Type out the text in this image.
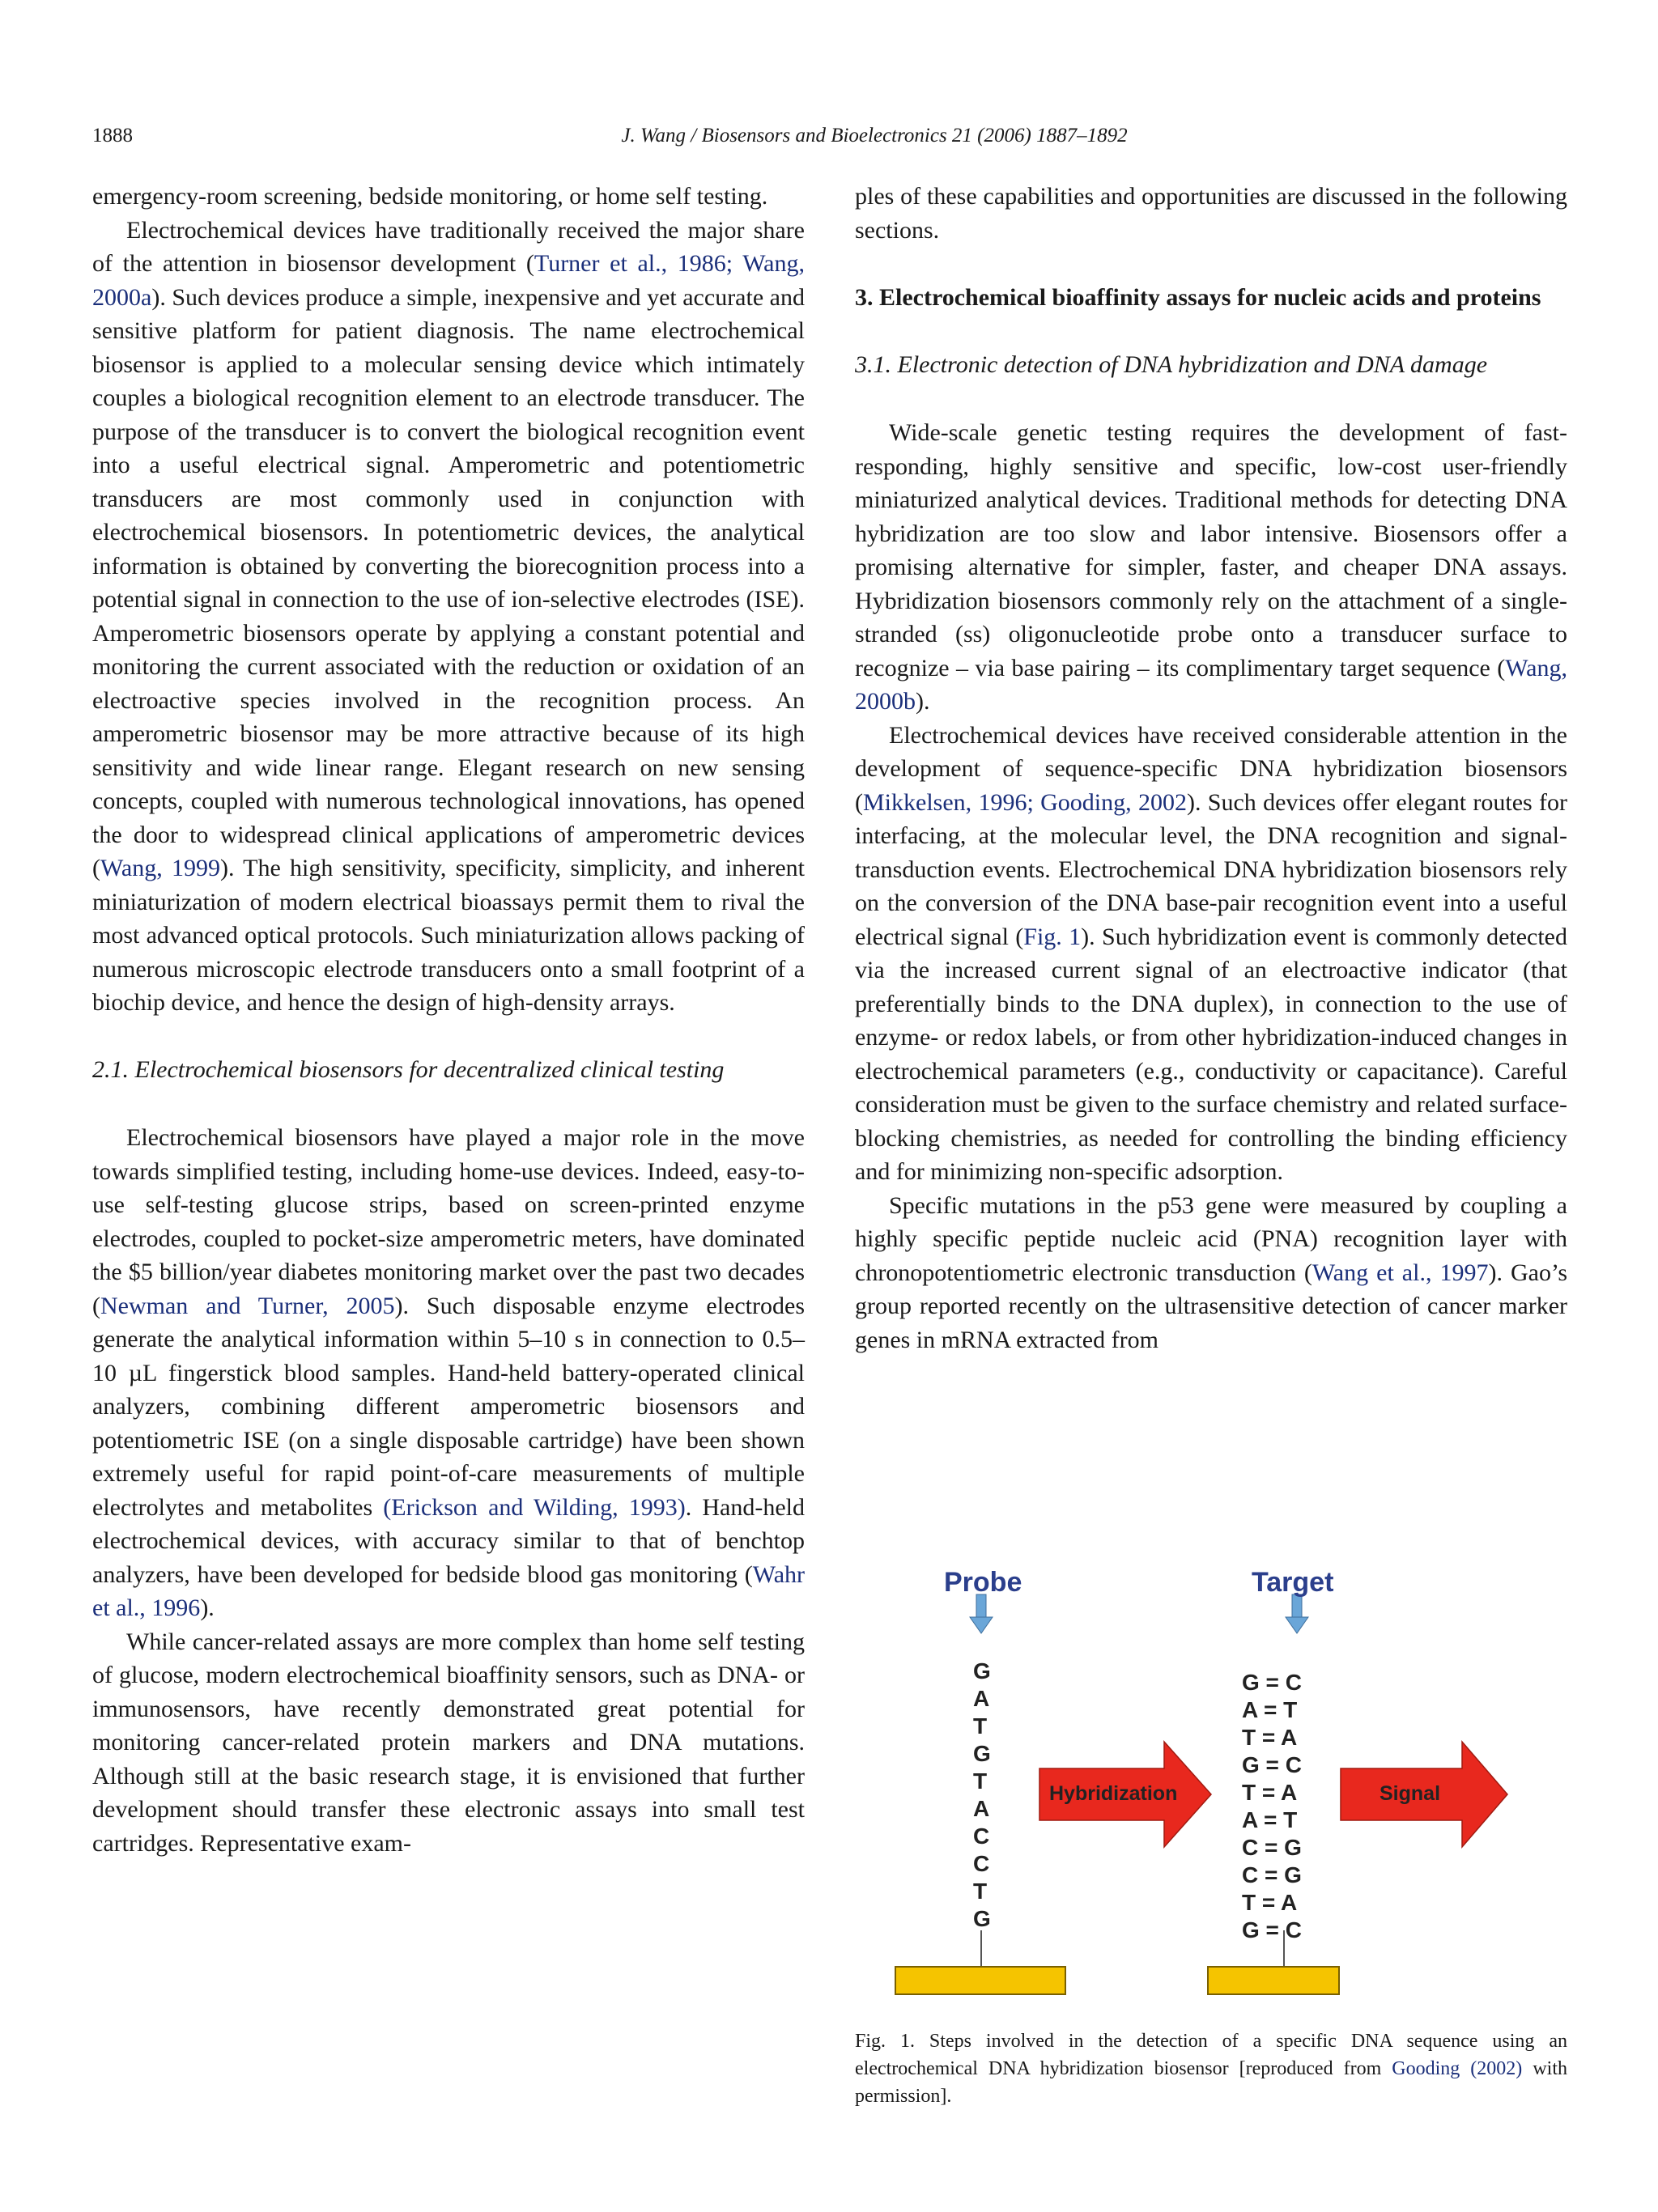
1888	J. Wang / Biosensors and Bioelectronics 21 (2006) 1887–1892

emergency-room screening, bedside monitoring, or home self testing.

Electrochemical devices have traditionally received the major share of the attention in biosensor development (Turner et al., 1986; Wang, 2000a). Such devices produce a simple, inexpensive and yet accurate and sensitive platform for patient diagnosis. The name electrochemical biosensor is applied to a molecular sensing device which intimately couples a biological recognition element to an electrode transducer. The purpose of the transducer is to convert the biological recognition event into a useful electrical signal. Amperometric and potentiometric transducers are most commonly used in conjunction with electrochemical biosensors. In potentiometric devices, the analytical information is obtained by converting the biorecognition process into a potential signal in connection to the use of ion-selective electrodes (ISE). Amperometric biosensors operate by applying a constant potential and monitoring the current associated with the reduction or oxidation of an electroactive species involved in the recognition process. An amperometric biosensor may be more attractive because of its high sensitivity and wide linear range. Elegant research on new sensing concepts, coupled with numerous technological innovations, has opened the door to widespread clinical applications of amperometric devices (Wang, 1999). The high sensitivity, specificity, simplicity, and inherent miniaturization of modern electrical bioassays permit them to rival the most advanced optical protocols. Such miniaturization allows packing of numerous microscopic electrode transducers onto a small footprint of a biochip device, and hence the design of high-density arrays.

2.1. Electrochemical biosensors for decentralized clinical testing

Electrochemical biosensors have played a major role in the move towards simplified testing, including home-use devices. Indeed, easy-to-use self-testing glucose strips, based on screen-printed enzyme electrodes, coupled to pocket-size amperometric meters, have dominated the $5 billion/year diabetes monitoring market over the past two decades (Newman and Turner, 2005). Such disposable enzyme electrodes generate the analytical information within 5–10 s in connection to 0.5–10 µL fingerstick blood samples. Hand-held battery-operated clinical analyzers, combining different amperometric biosensors and potentiometric ISE (on a single disposable cartridge) have been shown extremely useful for rapid point-of-care measurements of multiple electrolytes and metabolites (Erickson and Wilding, 1993). Hand-held electrochemical devices, with accuracy similar to that of benchtop analyzers, have been developed for bedside blood gas monitoring (Wahr et al., 1996).

While cancer-related assays are more complex than home self testing of glucose, modern electrochemical bioaffinity sensors, such as DNA- or immunosensors, have recently demonstrated great potential for monitoring cancer-related protein markers and DNA mutations. Although still at the basic research stage, it is envisioned that further development should transfer these electronic assays into small test cartridges. Representative exam-

ples of these capabilities and opportunities are discussed in the following sections.

3. Electrochemical bioaffinity assays for nucleic acids and proteins
3.1. Electronic detection of DNA hybridization and DNA damage

Wide-scale genetic testing requires the development of fast-responding, highly sensitive and specific, low-cost user-friendly miniaturized analytical devices. Traditional methods for detecting DNA hybridization are too slow and labor intensive. Biosensors offer a promising alternative for simpler, faster, and cheaper DNA assays. Hybridization biosensors commonly rely on the attachment of a single-stranded (ss) oligonucleotide probe onto a transducer surface to recognize – via base pairing – its complimentary target sequence (Wang, 2000b).

Electrochemical devices have received considerable attention in the development of sequence-specific DNA hybridization biosensors (Mikkelsen, 1996; Gooding, 2002). Such devices offer elegant routes for interfacing, at the molecular level, the DNA recognition and signal-transduction events. Electrochemical DNA hybridization biosensors rely on the conversion of the DNA base-pair recognition event into a useful electrical signal (Fig. 1). Such hybridization event is commonly detected via the increased current signal of an electroactive indicator (that preferentially binds to the DNA duplex), in connection to the use of enzyme- or redox labels, or from other hybridization-induced changes in electrochemical parameters (e.g., conductivity or capacitance). Careful consideration must be given to the surface chemistry and related surface-blocking chemistries, as needed for controlling the binding efficiency and for minimizing non-specific adsorption.

Specific mutations in the p53 gene were measured by coupling a highly specific peptide nucleic acid (PNA) recognition layer with chronopotentiometric electronic transduction (Wang et al., 1997). Gao’s group reported recently on the ultrasensitive detection of cancer marker genes in mRNA extracted from

Probe	Target
G
A
T
G
T
A
C
C
T
G
G = C
A = T
T = A
G = C
T = A
A = T
C = G
C = G
T = A
G = C
Hybridization	Signal
Fig. 1. Steps involved in the detection of a specific DNA sequence using an electrochemical DNA hybridization biosensor [reproduced from Gooding (2002) with permission].
